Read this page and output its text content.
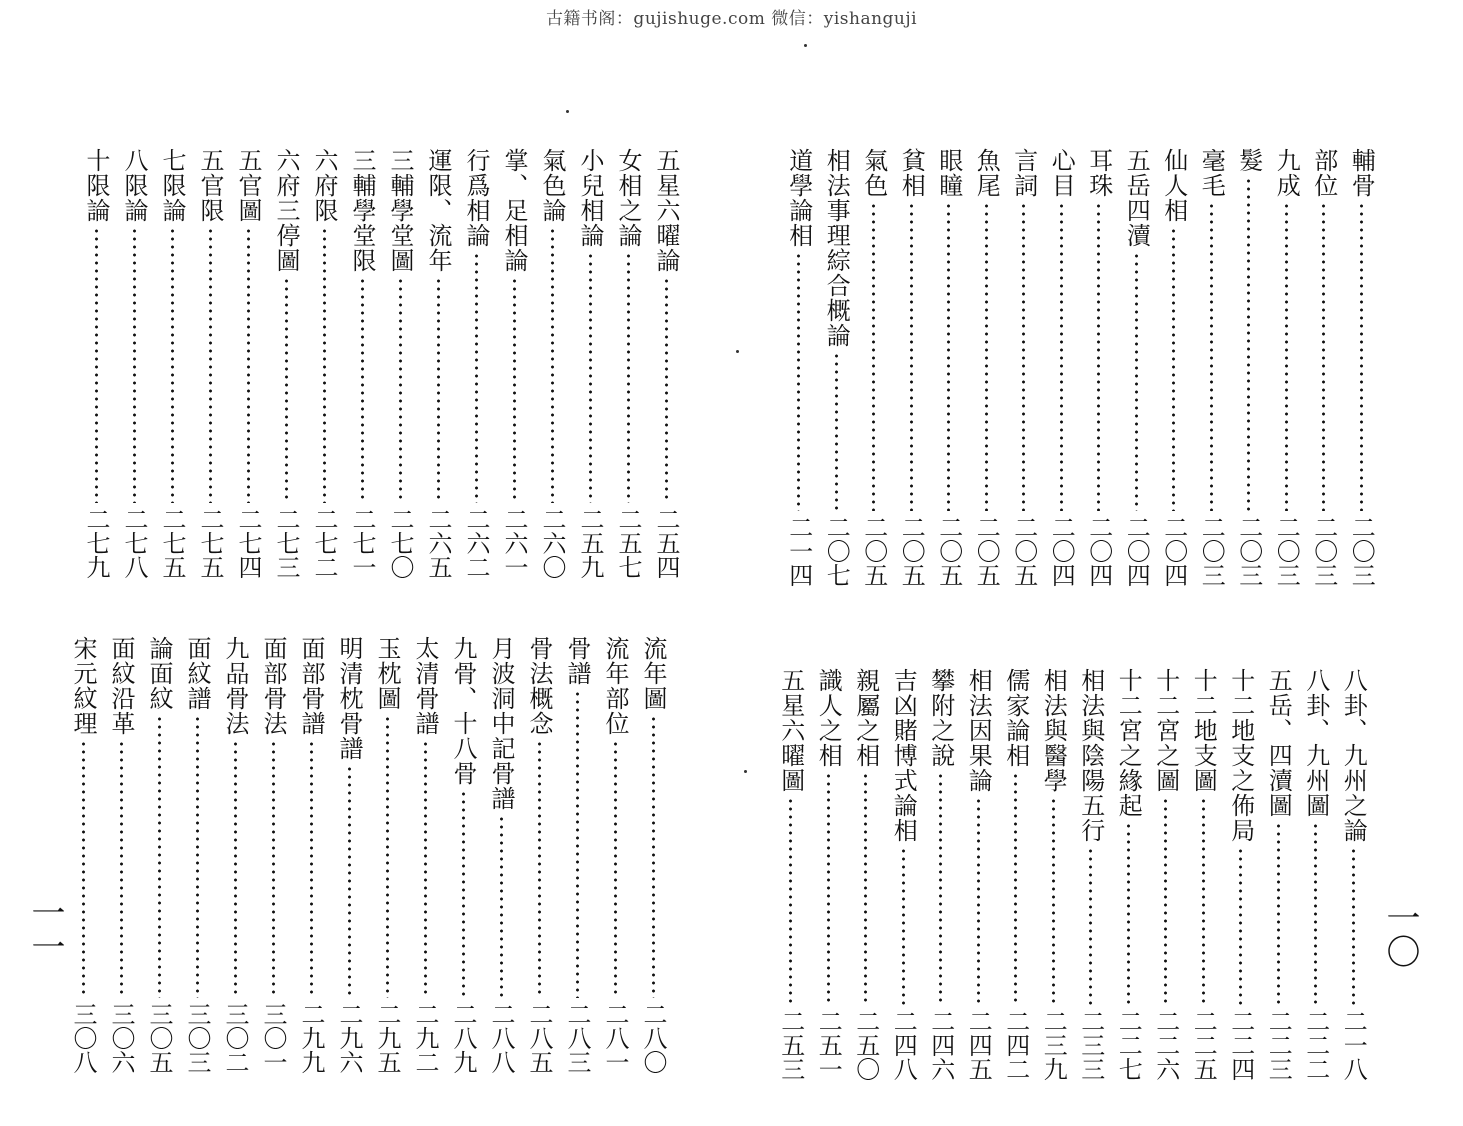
古籍书阁：gujishuge.com 微信：yishanguji
一〇
一一
輔骨
二〇三
部位
二〇三
九成
二〇三
髮
二〇三
毫毛
二〇三
仙人相
二〇四
五岳四瀆
二〇四
耳珠
二〇四
心目
二〇四
言詞
二〇五
魚尾
二〇五
眼瞳
二〇五
貧相
二〇五
氣色
二〇五
相法事理綜合概論
二〇七
道學論相
二一四
五星六曜論
二五四
女相之論
二五七
小兒相論
二五九
氣色論
二六〇
掌、足相論
二六一
行爲相論
二六二
運限、流年
二六五
三輔學堂圖
二七〇
三輔學堂限
二七一
六府限
二七二
六府三停圖
二七三
五官圖
二七四
五官限
二七五
七限論
二七五
八限論
二七八
十限論
二七九
八卦、九州之論
二一八
八卦、九州圖
二二二
五岳、四瀆圖
二二三
十二地支之佈局
二二四
十二地支圖
二二五
十二宮之圖
二二六
十二宮之緣起
二二七
相法與陰陽五行
二三三
相法與醫學
二三九
儒家論相
二四二
相法因果論
二四五
攀附之說
二四六
吉凶賭博式論相
二四八
親屬之相
二五〇
識人之相
二五一
五星六曜圖
二五三
流年圖
二八〇
流年部位
二八一
骨譜
二八三
骨法概念
二八五
月波洞中記骨譜
二八八
九骨、十八骨
二八九
太清骨譜
二九二
玉枕圖
二九五
明清枕骨譜
二九六
面部骨譜
二九九
面部骨法
三〇一
九品骨法
三〇二
面紋譜
三〇三
論面紋
三〇五
面紋沿革
三〇六
宋元紋理
三〇八
